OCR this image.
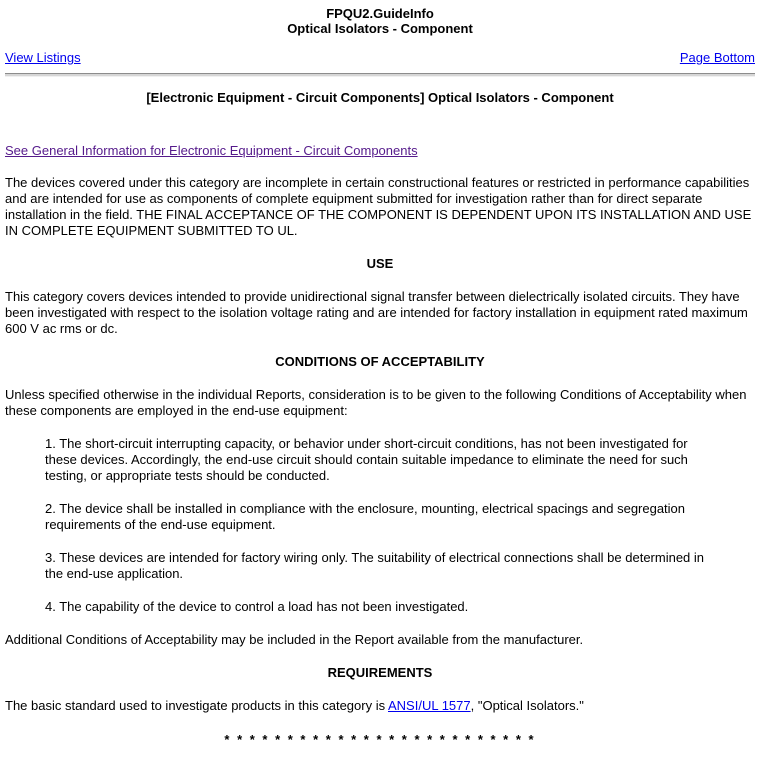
FPQU2.GuideInfo
Optical Isolators - Component
View Listings	Page Bottom
[Electronic Equipment - Circuit Components] Optical Isolators - Component

See General Information for Electronic Equipment - Circuit Components

The devices covered under this category are incomplete in certain constructional features or restricted in performance capabilities and are intended for use as components of complete equipment submitted for investigation rather than for direct separate installation in the field. THE FINAL ACCEPTANCE OF THE COMPONENT IS DEPENDENT UPON ITS INSTALLATION AND USE IN COMPLETE EQUIPMENT SUBMITTED TO UL.

USE

This category covers devices intended to provide unidirectional signal transfer between dielectrically isolated circuits. They have been investigated with respect to the isolation voltage rating and are intended for factory installation in equipment rated maximum 600 V ac rms or dc.

CONDITIONS OF ACCEPTABILITY

Unless specified otherwise in the individual Reports, consideration is to be given to the following Conditions of Acceptability when these components are employed in the end-use equipment:

1. The short-circuit interrupting capacity, or behavior under short-circuit conditions, has not been investigated for these devices. Accordingly, the end-use circuit should contain suitable impedance to eliminate the need for such testing, or appropriate tests should be conducted.

2. The device shall be installed in compliance with the enclosure, mounting, electrical spacings and segregation requirements of the end-use equipment.

3. These devices are intended for factory wiring only. The suitability of electrical connections shall be determined in the end-use application.

4. The capability of the device to control a load has not been investigated.

Additional Conditions of Acceptability may be included in the Report available from the manufacturer.

REQUIREMENTS

The basic standard used to investigate products in this category is ANSI/UL 1577, "Optical Isolators."

* * * * * * * * * * * * * * * * * * * * * * * * *
